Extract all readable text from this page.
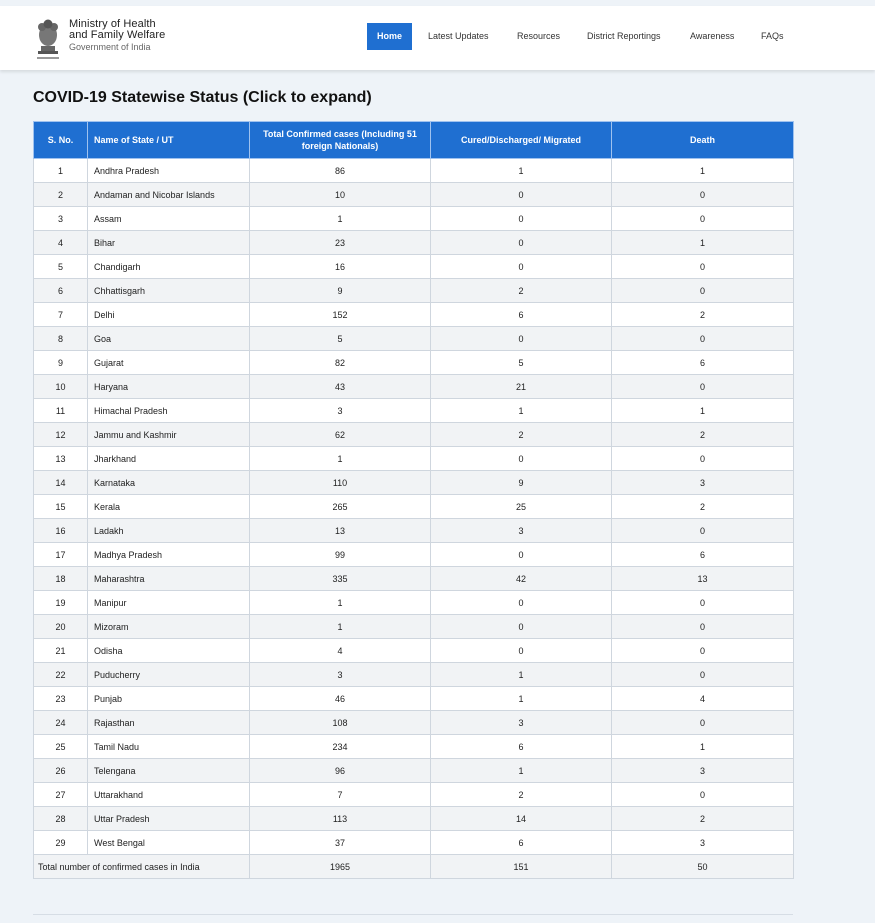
Ministry of Health
and Family Welfare
Government of India
Home	Latest Updates	Resources	District Reportings	Awareness	FAQs
COVID-19 Statewise Status (Click to expand)
S. No.	Name of State / UT	Total Confirmed cases (Including 51 foreign Nationals)	Cured/Discharged/ Migrated	Death
1	Andhra Pradesh	86	1	1
2	Andaman and Nicobar Islands	10	0	0
3	Assam	1	0	0
4	Bihar	23	0	1
5	Chandigarh	16	0	0
6	Chhattisgarh	9	2	0
7	Delhi	152	6	2
8	Goa	5	0	0
9	Gujarat	82	5	6
10	Haryana	43	21	0
11	Himachal Pradesh	3	1	1
12	Jammu and Kashmir	62	2	2
13	Jharkhand	1	0	0
14	Karnataka	110	9	3
15	Kerala	265	25	2
16	Ladakh	13	3	0
17	Madhya Pradesh	99	0	6
18	Maharashtra	335	42	13
19	Manipur	1	0	0
20	Mizoram	1	0	0
21	Odisha	4	0	0
22	Puducherry	3	1	0
23	Punjab	46	1	4
24	Rajasthan	108	3	0
25	Tamil Nadu	234	6	1
26	Telengana	96	1	3
27	Uttarakhand	7	2	0
28	Uttar Pradesh	113	14	2
29	West Bengal	37	6	3
Total number of confirmed cases in India		1965	151	50
